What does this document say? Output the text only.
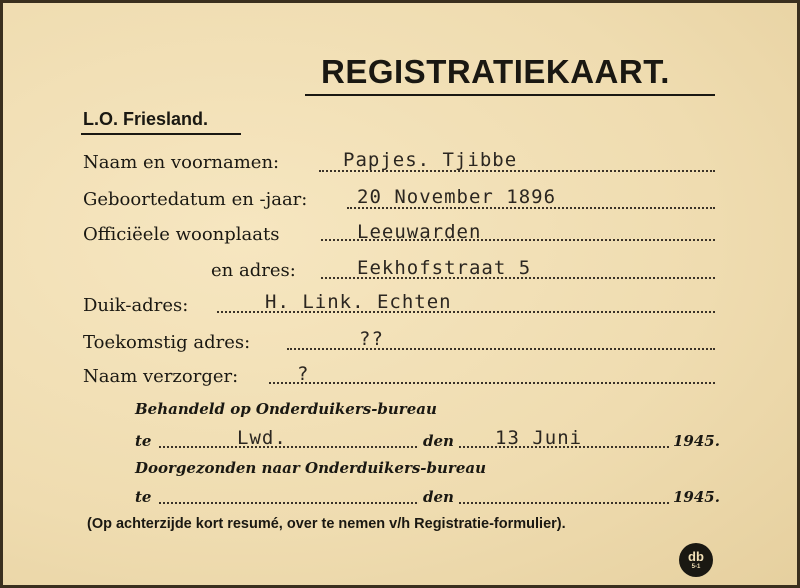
REGISTRATIEKAART.
L.O. Friesland.
Naam en voornamen:	Papjes. Tjibbe
Geboortedatum en -jaar:	20 November 1896
Officiëele woonplaats	Leeuwarden
en adres:	Eekhofstraat 5
Duik-adres:	H. Link. Echten
Toekomstig adres:	??
Naam verzorger:	?
Behandeld op Onderduikers-bureau
te	Lwd.	den 13 Juni	1945.
Doorgezonden naar Onderduikers-bureau
te	den	1945.
(Op achterzijde kort resumé, over te nemen v/h Registratie-formulier).
db
5-1
